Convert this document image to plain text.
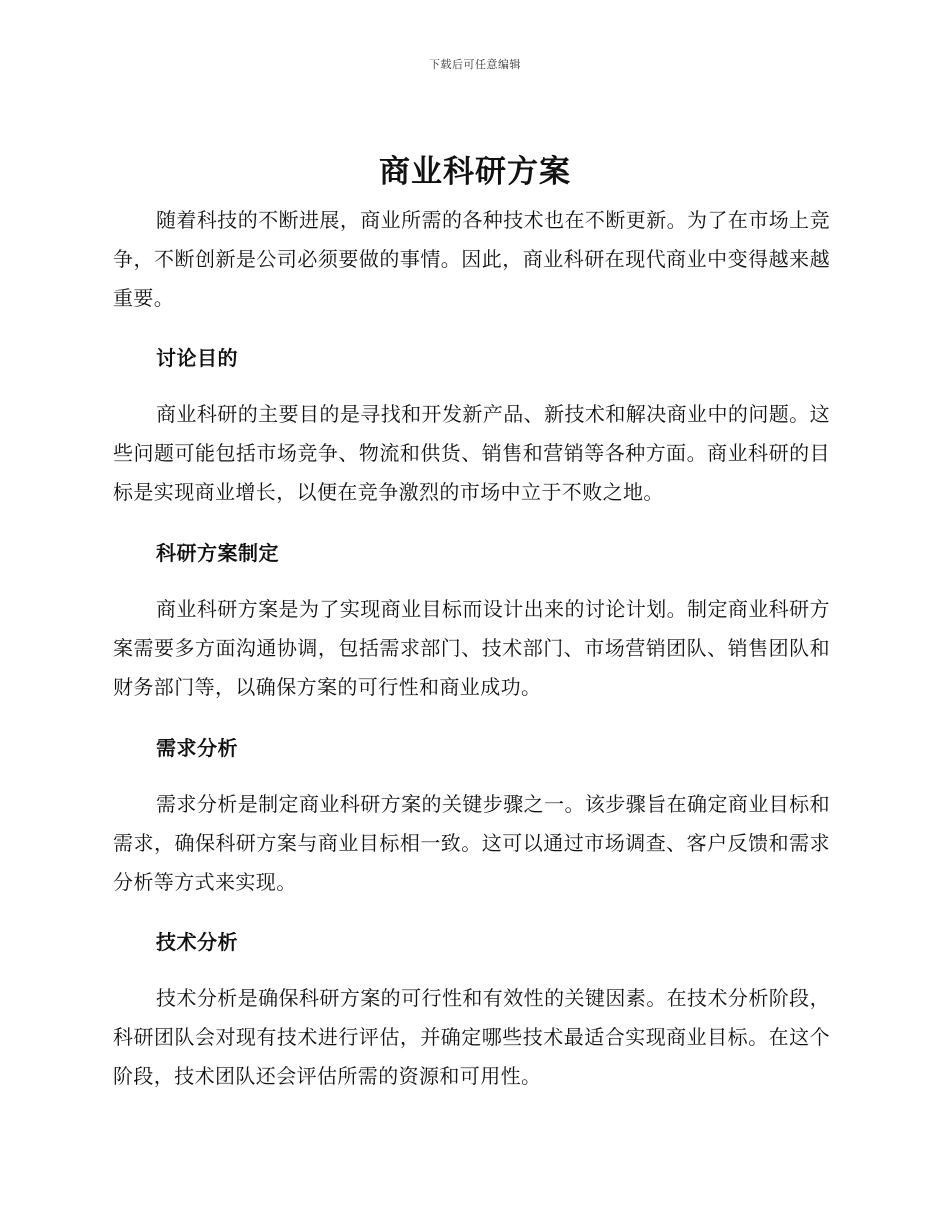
下载后可任意编辑
商业科研方案

随着科技的不断进展，商业所需的各种技术也在不断更新。为了在市场上竞争，不断创新是公司必须要做的事情。因此，商业科研在现代商业中变得越来越重要。

讨论目的

商业科研的主要目的是寻找和开发新产品、新技术和解决商业中的问题。这些问题可能包括市场竞争、物流和供货、销售和营销等各种方面。商业科研的目标是实现商业增长，以便在竞争激烈的市场中立于不败之地。

科研方案制定

商业科研方案是为了实现商业目标而设计出来的讨论计划。制定商业科研方案需要多方面沟通协调，包括需求部门、技术部门、市场营销团队、销售团队和财务部门等，以确保方案的可行性和商业成功。

需求分析

需求分析是制定商业科研方案的关键步骤之一。该步骤旨在确定商业目标和需求，确保科研方案与商业目标相一致。这可以通过市场调查、客户反馈和需求分析等方式来实现。

技术分析

技术分析是确保科研方案的可行性和有效性的关键因素。在技术分析阶段，科研团队会对现有技术进行评估，并确定哪些技术最适合实现商业目标。在这个阶段，技术团队还会评估所需的资源和可用性。
